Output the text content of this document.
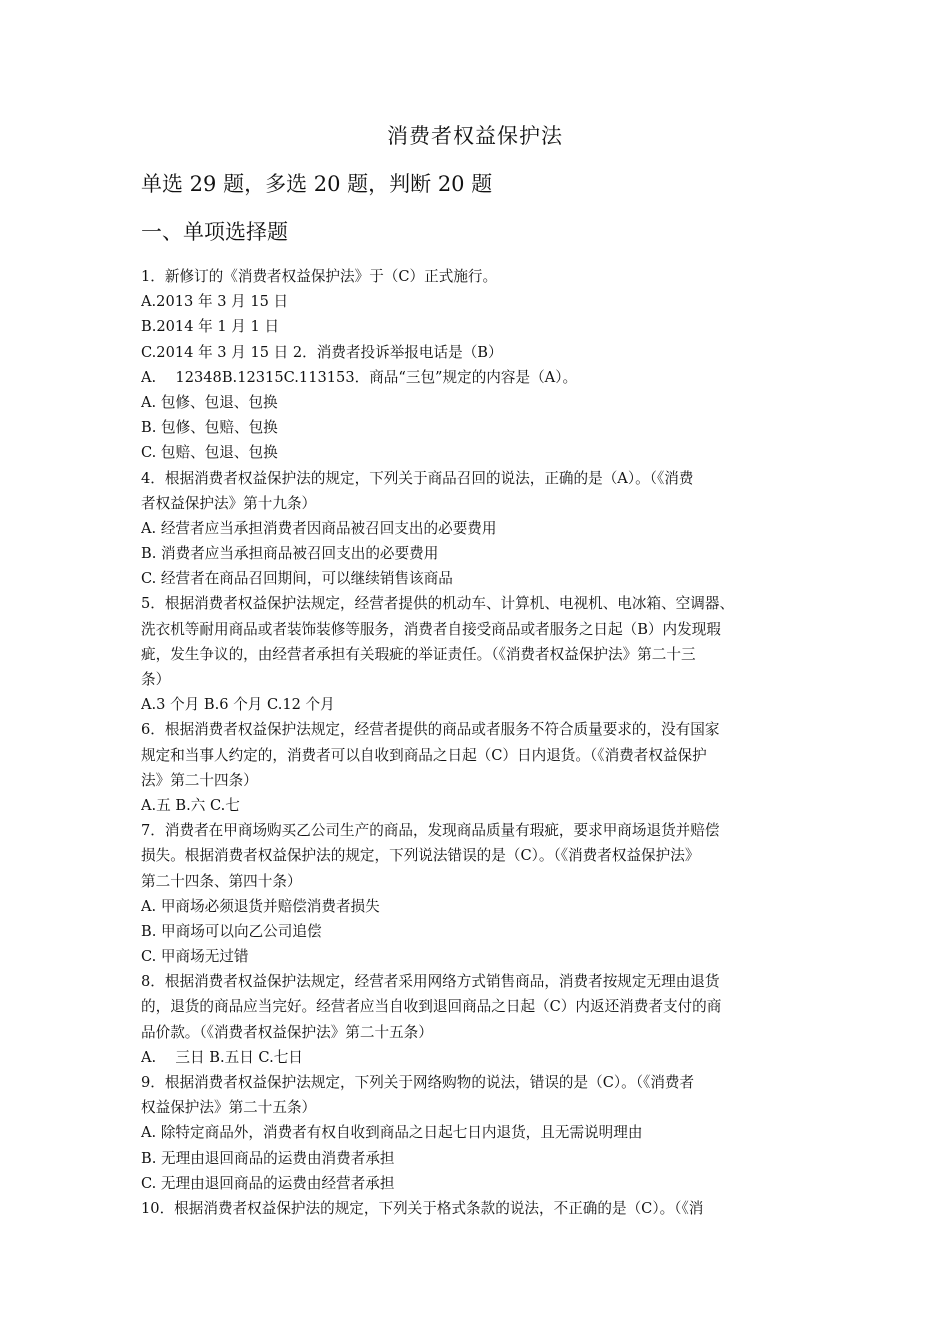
消费者权益保护法
单选 29 题，多选 20 题，判断 20 题
一、单项选择题
1．新修订的《消费者权益保护法》于（C）正式施行。
A.2013 年 3 月 15 日
B.2014 年 1 月 1 日
C.2014 年 3 月 15 日 2．消费者投诉举报电话是（B）
A.　 12348B.12315C.113153．商品“三包”规定的内容是（A）。
A. 包修、包退、包换
B. 包修、包赔、包换
C. 包赔、包退、包换
4．根据消费者权益保护法的规定，下列关于商品召回的说法，正确的是（A）。（《消费
者权益保护法》第十九条）
A. 经营者应当承担消费者因商品被召回支出的必要费用
B. 消费者应当承担商品被召回支出的必要费用
C. 经营者在商品召回期间，可以继续销售该商品
5．根据消费者权益保护法规定，经营者提供的机动车、计算机、电视机、电冰箱、空调器、
洗衣机等耐用商品或者装饰装修等服务，消费者自接受商品或者服务之日起（B）内发现瑕
疵，发生争议的，由经营者承担有关瑕疵的举证责任。（《消费者权益保护法》第二十三
条）
A.3 个月 B.6 个月 C.12 个月
6．根据消费者权益保护法规定，经营者提供的商品或者服务不符合质量要求的，没有国家
规定和当事人约定的，消费者可以自收到商品之日起（C）日内退货。（《消费者权益保护
法》第二十四条）
A.五 B.六 C.七
7．消费者在甲商场购买乙公司生产的商品，发现商品质量有瑕疵，要求甲商场退货并赔偿
损失。根据消费者权益保护法的规定，下列说法错误的是（C）。（《消费者权益保护法》
第二十四条、第四十条）
A. 甲商场必须退货并赔偿消费者损失
B. 甲商场可以向乙公司追偿
C. 甲商场无过错
8．根据消费者权益保护法规定，经营者采用网络方式销售商品，消费者按规定无理由退货
的，退货的商品应当完好。经营者应当自收到退回商品之日起（C）内返还消费者支付的商
品价款。（《消费者权益保护法》第二十五条）
A.　 三日 B.五日 C.七日
9．根据消费者权益保护法规定，下列关于网络购物的说法，错误的是（C）。（《消费者
权益保护法》第二十五条）
A. 除特定商品外，消费者有权自收到商品之日起七日内退货，且无需说明理由
B. 无理由退回商品的运费由消费者承担
C. 无理由退回商品的运费由经营者承担
10．根据消费者权益保护法的规定，下列关于格式条款的说法，不正确的是（C）。（《消
